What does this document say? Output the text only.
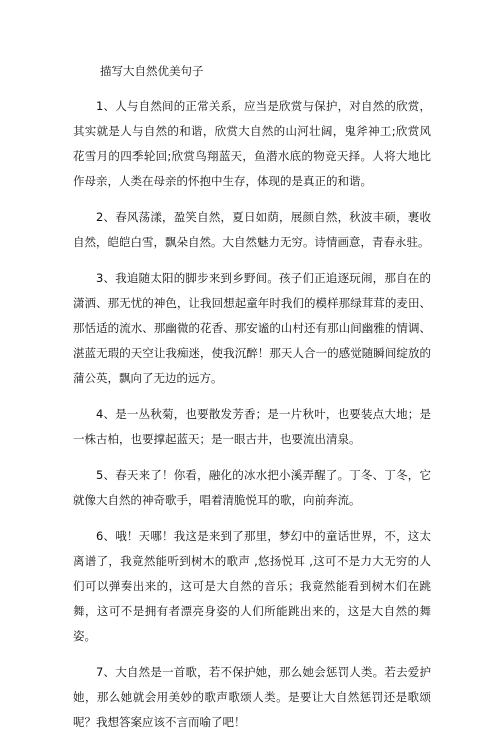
描写大自然优美句子

1、人与自然间的正常关系，应当是欣赏与保护，对自然的欣赏，其实就是人与自然的和谐，欣赏大自然的山河壮阔，鬼斧神工;欣赏风花雪月的四季轮回;欣赏鸟翔蓝天，鱼潜水底的物竞天择。人将大地比作母亲，人类在母亲的怀抱中生存，体现的是真正的和谐。

2、春风荡漾，盈笑自然，夏日如荫，展颜自然，秋波丰硕，裹收自然，皑皑白雪，飘朵自然。大自然魅力无穷。诗情画意，青春永驻。

3、我追随太阳的脚步来到乡野间。孩子们正追逐玩闹，那自在的潇洒、那无忧的神色，让我回想起童年时我们的模样那绿茸茸的麦田、那恬适的流水、那幽微的花香、那安谧的山村还有那山间幽雅的情调、湛蓝无瑕的天空让我痴迷，使我沉醉！那天人合一的感觉随瞬间绽放的蒲公英，飘向了无边的远方。

4、是一丛秋菊，也要散发芳香；是一片秋叶，也要装点大地；是一株古柏，也要撑起蓝天；是一眼古井，也要流出清泉。

5、春天来了！你看，融化的冰水把小溪弄醒了。丁冬、丁冬，它就像大自然的神奇歌手，唱着清脆悦耳的歌，向前奔流。

6、哦！天哪！我这是来到了那里，梦幻中的童话世界，不，这太离谱了，我竟然能听到树木的歌声 ,悠扬悦耳 ,这可不是力大无穷的人们可以弹奏出来的，这可是大自然的音乐；我竟然能看到树木们在跳舞，这可不是拥有者漂亮身姿的人们所能跳出来的，这是大自然的舞姿。

7、大自然是一首歌，若不保护她，那么她会惩罚人类。若去爱护她，那么她就会用美妙的歌声歌颂人类。是要让大自然惩罚还是歌颂呢？我想答案应该不言而喻了吧！
